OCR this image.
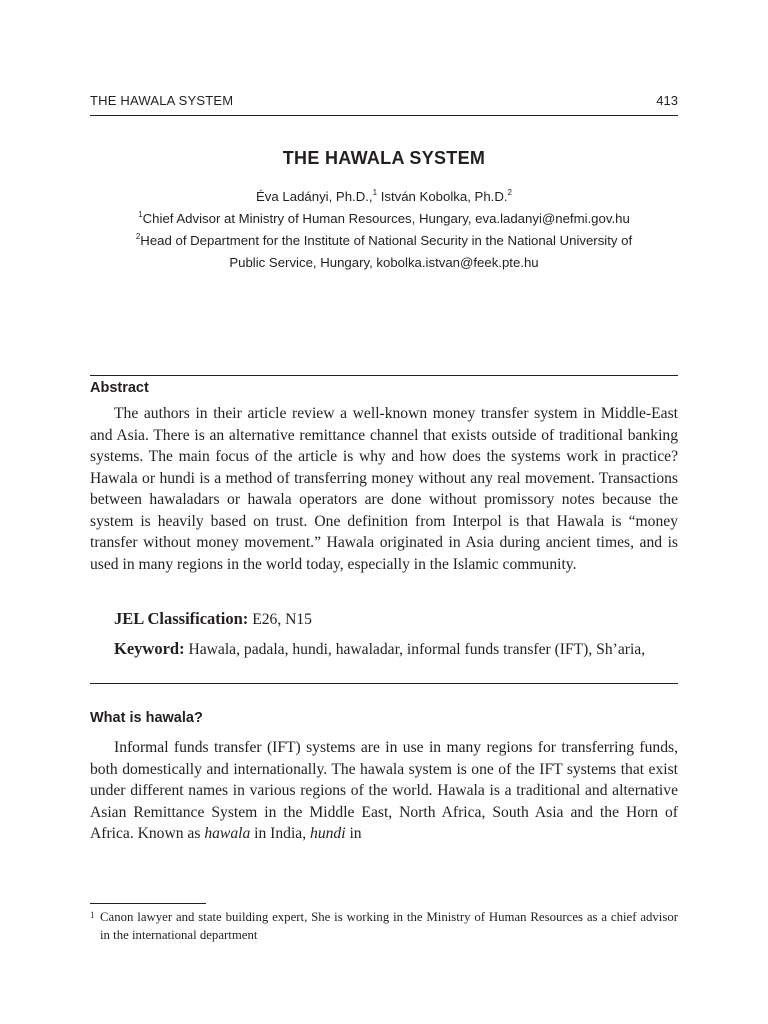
THE HAWALA SYSTEM	413
THE HAWALA SYSTEM
Éva Ladányi, Ph.D.,$^1$ István Kobolka, Ph.D.$^2$
$^1$Chief Advisor at Ministry of Human Resources, Hungary, eva.ladanyi@nefmi.gov.hu
$^2$Head of Department for the Institute of National Security in the National University of
Public Service, Hungary, kobolka.istvan@feek.pte.hu
Abstract

The authors in their article review a well-known money transfer system in Middle-East and Asia. There is an alternative remittance channel that exists outside of traditional banking systems. The main focus of the article is why and how does the systems work in practice? Hawala or hundi is a method of transferring money without any real movement. Transactions between hawaladars or hawala operators are done without promissory notes because the system is heavily based on trust. One definition from Interpol is that Hawala is “money transfer without money movement.” Hawala originated in Asia during ancient times, and is used in many regions in the world today, especially in the Islamic community.

JEL Classification: E26, N15
Keyword: Hawala, padala, hundi, hawaladar, informal funds transfer (IFT), Sh’aria,
What is hawala?

Informal funds transfer (IFT) systems are in use in many regions for transferring funds, both domestically and internationally. The hawala system is one of the IFT systems that exist under different names in various regions of the world. Hawala is a traditional and alternative Asian Remittance System in the Middle East, North Africa, South Asia and the Horn of Africa. Known as hawala in India, hundi in

1 Canon lawyer and state building expert, She is working in the Ministry of Human Resources as a chief advisor in the international department
